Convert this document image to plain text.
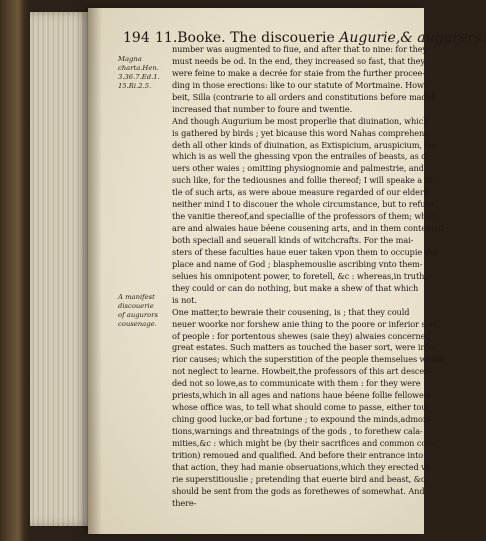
194 11.Booke. The discouerie Augurie,& augurers.
Magna
charta.Hen.
3.36.7.Ed.1.
15.Ri.2.5.
A manifest
discouerie
of augurors
cousenage.
number was augmented to fiue, and after that to nine: for they
must needs be od. In the end, they increased so fast, that they
were feine to make a decrée for staie from the further procee-
ding in those erections: like to our statute of Mortmaine. How-
beit, Silla (contrarie to all orders and constitutions before made)
increased that number to foure and twentie.
And though Augurium be most properlie that diuination, which
is gathered by birds ; yet bicause this word Nahas comprehen-
deth all other kinds of diuination, as Extispicium, aruspicium, &c:
which is as well the ghessing vpon the entrailes of beasts, as di-
uers other waies ; omitting physiognomie and palmestrie, and
such like, for the tediousnes and follie thereof; I will speake a lit-
tle of such arts, as were aboue measure regarded of our elders:
neither mind I to discouer the whole circumstance, but to refute
the vanitie thereof,and speciallie of the professors of them; which
are and alwaies haue béene cousening arts, and in them conteined
both speciall and seuerall kinds of witchcrafts. For the mai-
sters of these faculties haue euer taken vpon them to occupie the
place and name of God ; blasphemouslie ascribing vnto them-
selues his omnipotent power, to foretell, &c : whereas,in truth,
they could or can do nothing, but make a shew of that which
is not.
One matter,to bewraie their cousening, is ; that they could
neuer woorke nor forshew anie thing to the poore or inferior sort
of people : for portentous shewes (saie they) alwaies concerned
great estates. Such matters as touched the baser sort, were infe-
rior causes; which the superstition of the people themselues would
not neglect to learne. Howbeit,the professors of this art descen-
ded not so lowe,as to communicate with them : for they were
priests,which in all ages and nations haue béene follie fellowes)
whose office was, to tell what should come to passe, either tou-
ching good lucke,or bad fortune ; to expound the minds,admoni-
tions,warnings and threatnings of the gods , to forethew cala-
mities,&c : which might be (by their sacrifices and common con-
trition) remoued and qualified. And before their entrance into
that action, they had manie obseruations,which they erected ve-
rie superstitiouslie ; pretending that euerie bird and beast, &c,
should be sent from the gods as forethewes of somewhat. And
there-
